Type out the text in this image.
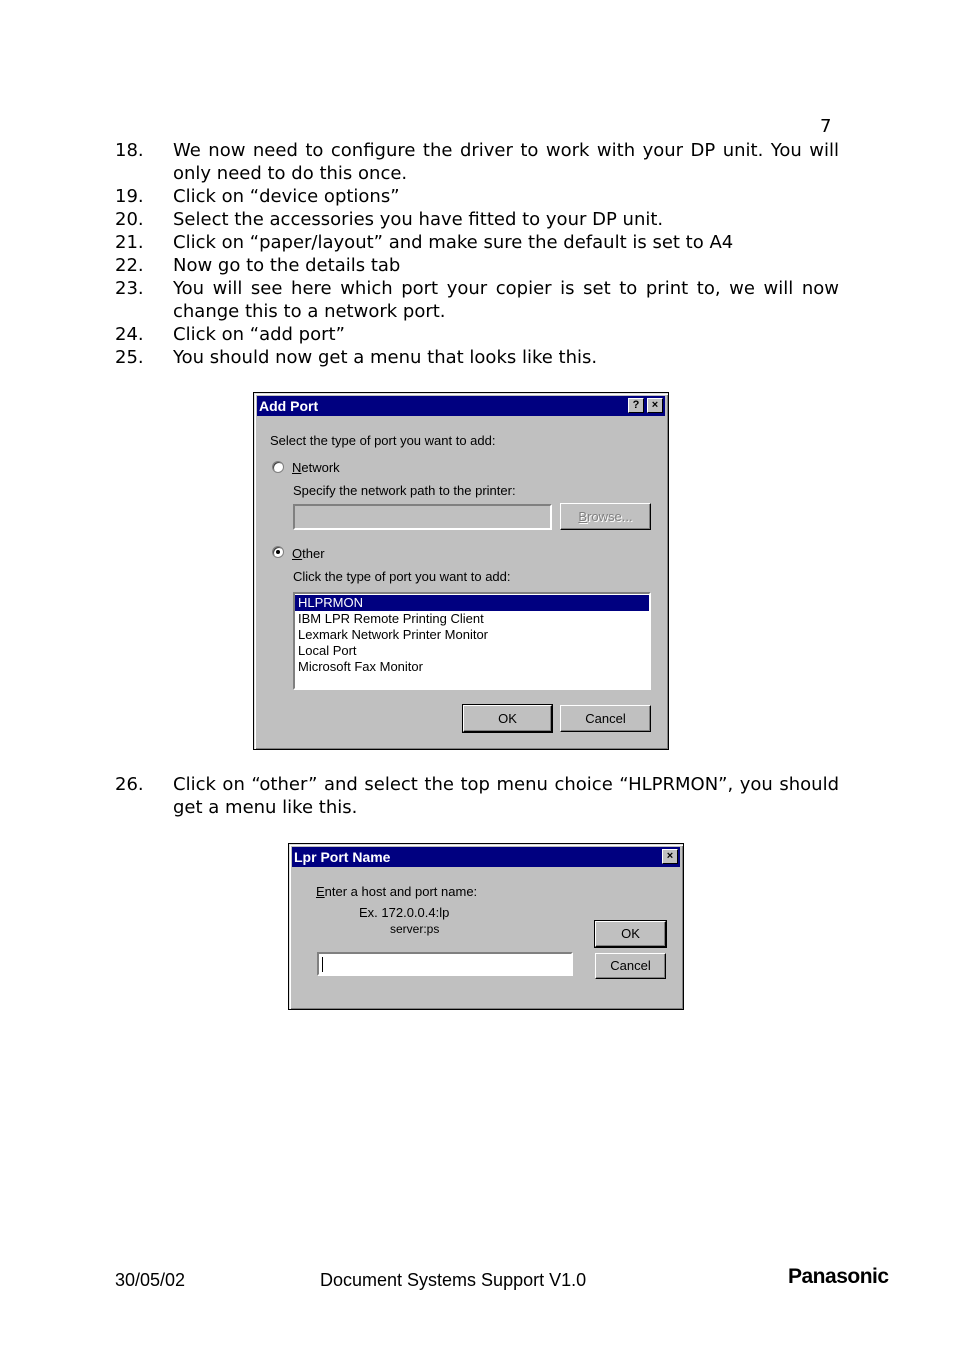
7
18.	We now need to configure the driver to work with your DP unit. You will only need to do this once.
19.	Click on “device options”
20.	Select the accessories you have fitted to your DP unit.
21.	Click on “paper/layout” and make sure the default is set to A4
22.	Now go to the details tab
23.	You will see here which port your copier is set to print to, we will now change this to a network port.
24.	Click on “add port”
25.	You should now get a menu that looks like this.
Add Port	?	×
Select the type of port you want to add:
Network
Specify the network path to the printer:
Browse...
Other
Click the type of port you want to add:
HLPRMON
IBM LPR Remote Printing Client
Lexmark Network Printer Monitor
Local Port
Microsoft Fax Monitor
OK	Cancel
26.	Click on “other” and select the top menu choice “HLPRMON”, you should get a menu like this.
Lpr Port Name	×
Enter a host and port name:
Ex. 172.0.0.4:lp
server:ps	OK
Cancel
30/05/02	Document Systems Support V1.0	Panasonic
